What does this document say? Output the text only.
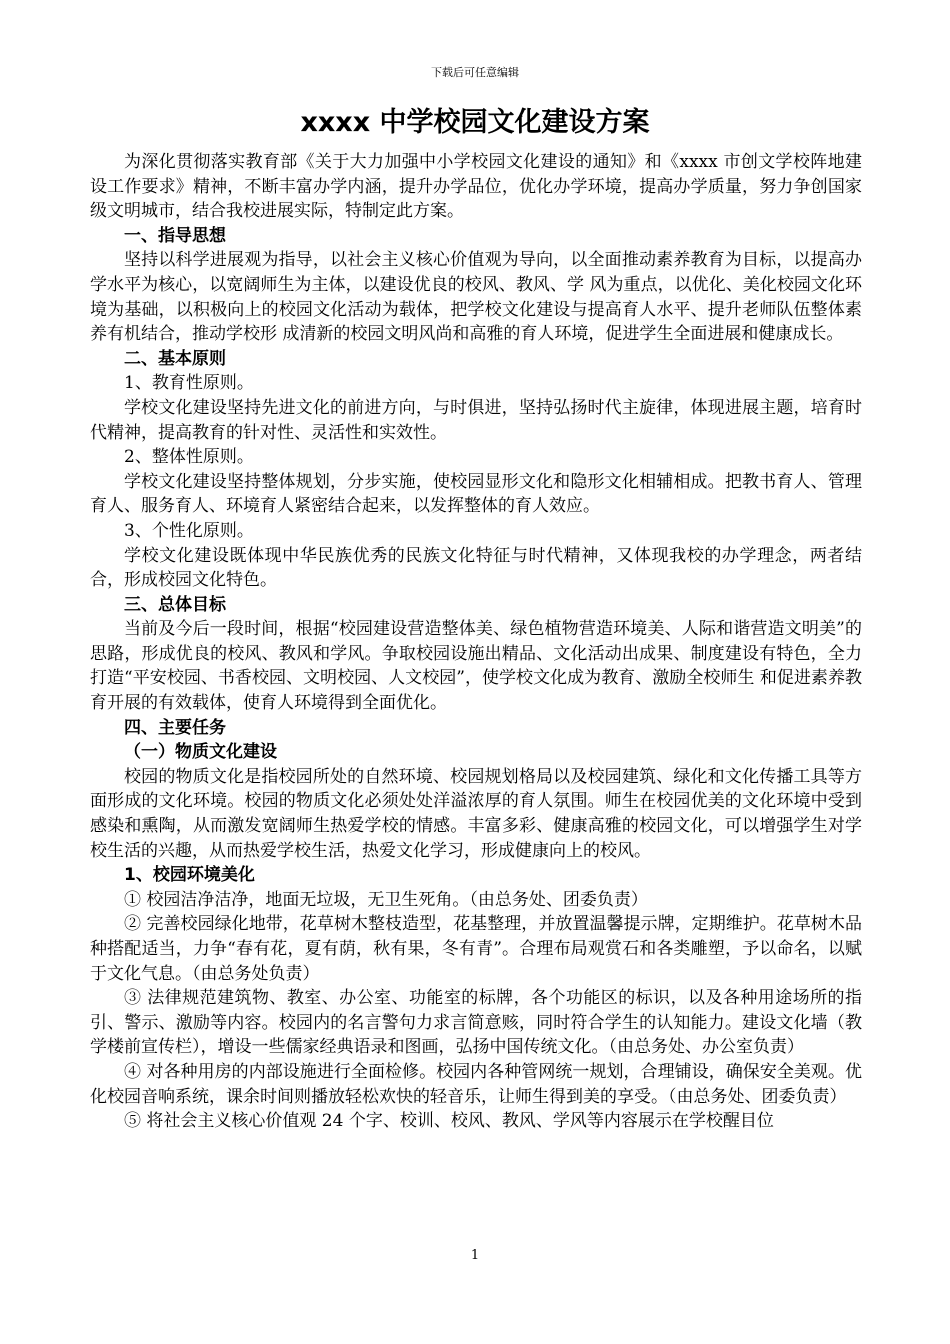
下载后可任意编辑
xxxx 中学校园文化建设方案

为深化贯彻落实教育部《关于大力加强中小学校园文化建设的通知》和《xxxx 市创文学校阵地建设工作要求》精神，不断丰富办学内涵，提升办学品位，优化办学环境，提高办学质量，努力争创国家级文明城市，结合我校进展实际，特制定此方案。

一、指导思想

坚持以科学进展观为指导，以社会主义核心价值观为导向，以全面推动素养教育为目标，以提高办学水平为核心，以宽阔师生为主体，以建设优良的校风、教风、学 风为重点，以优化、美化校园文化环境为基础，以积极向上的校园文化活动为载体，把学校文化建设与提高育人水平、提升老师队伍整体素养有机结合，推动学校形 成清新的校园文明风尚和高雅的育人环境，促进学生全面进展和健康成长。

二、基本原则

1、教育性原则。

学校文化建设坚持先进文化的前进方向，与时俱进，坚持弘扬时代主旋律，体现进展主题，培育时代精神，提高教育的针对性、灵活性和实效性。

2、整体性原则。

学校文化建设坚持整体规划，分步实施，使校园显形文化和隐形文化相辅相成。把教书育人、管理育人、服务育人、环境育人紧密结合起来，以发挥整体的育人效应。

3、个性化原则。

学校文化建设既体现中华民族优秀的民族文化特征与时代精神，又体现我校的办学理念，两者结合，形成校园文化特色。

三、总体目标

当前及今后一段时间，根据“校园建设营造整体美、绿色植物营造环境美、人际和谐营造文明美”的思路，形成优良的校风、教风和学风。争取校园设施出精品、文化活动出成果、制度建设有特色，全力打造“平安校园、书香校园、文明校园、人文校园”，使学校文化成为教育、激励全校师生 和促进素养教育开展的有效载体，使育人环境得到全面优化。

四、主要任务

（一）物质文化建设

校园的物质文化是指校园所处的自然环境、校园规划格局以及校园建筑、绿化和文化传播工具等方面形成的文化环境。校园的物质文化必须处处洋溢浓厚的育人氛围。师生在校园优美的文化环境中受到感染和熏陶，从而激发宽阔师生热爱学校的情感。丰富多彩、健康高雅的校园文化，可以增强学生对学校生活的兴趣，从而热爱学校生活，热爱文化学习，形成健康向上的校风。

1、校园环境美化

① 校园洁净洁净，地面无垃圾，无卫生死角。（由总务处、团委负责）

② 完善校园绿化地带，花草树木整枝造型，花基整理，并放置温馨提示牌，定期维护。花草树木品种搭配适当，力争“春有花，夏有荫，秋有果，冬有青”。合理布局观赏石和各类雕塑，予以命名，以赋于文化气息。（由总务处负责）

③ 法律规范建筑物、教室、办公室、功能室的标牌，各个功能区的标识，以及各种用途场所的指引、警示、激励等内容。校园内的名言警句力求言简意赅，同时符合学生的认知能力。建设文化墙（教学楼前宣传栏），增设一些儒家经典语录和图画，弘扬中国传统文化。（由总务处、办公室负责）

④ 对各种用房的内部设施进行全面检修。校园内各种管网统一规划，合理铺设，确保安全美观。优化校园音响系统，课余时间则播放轻松欢快的轻音乐，让师生得到美的享受。（由总务处、团委负责）

⑤ 将社会主义核心价值观 24 个字、校训、校风、教风、学风等内容展示在学校醒目位

1
